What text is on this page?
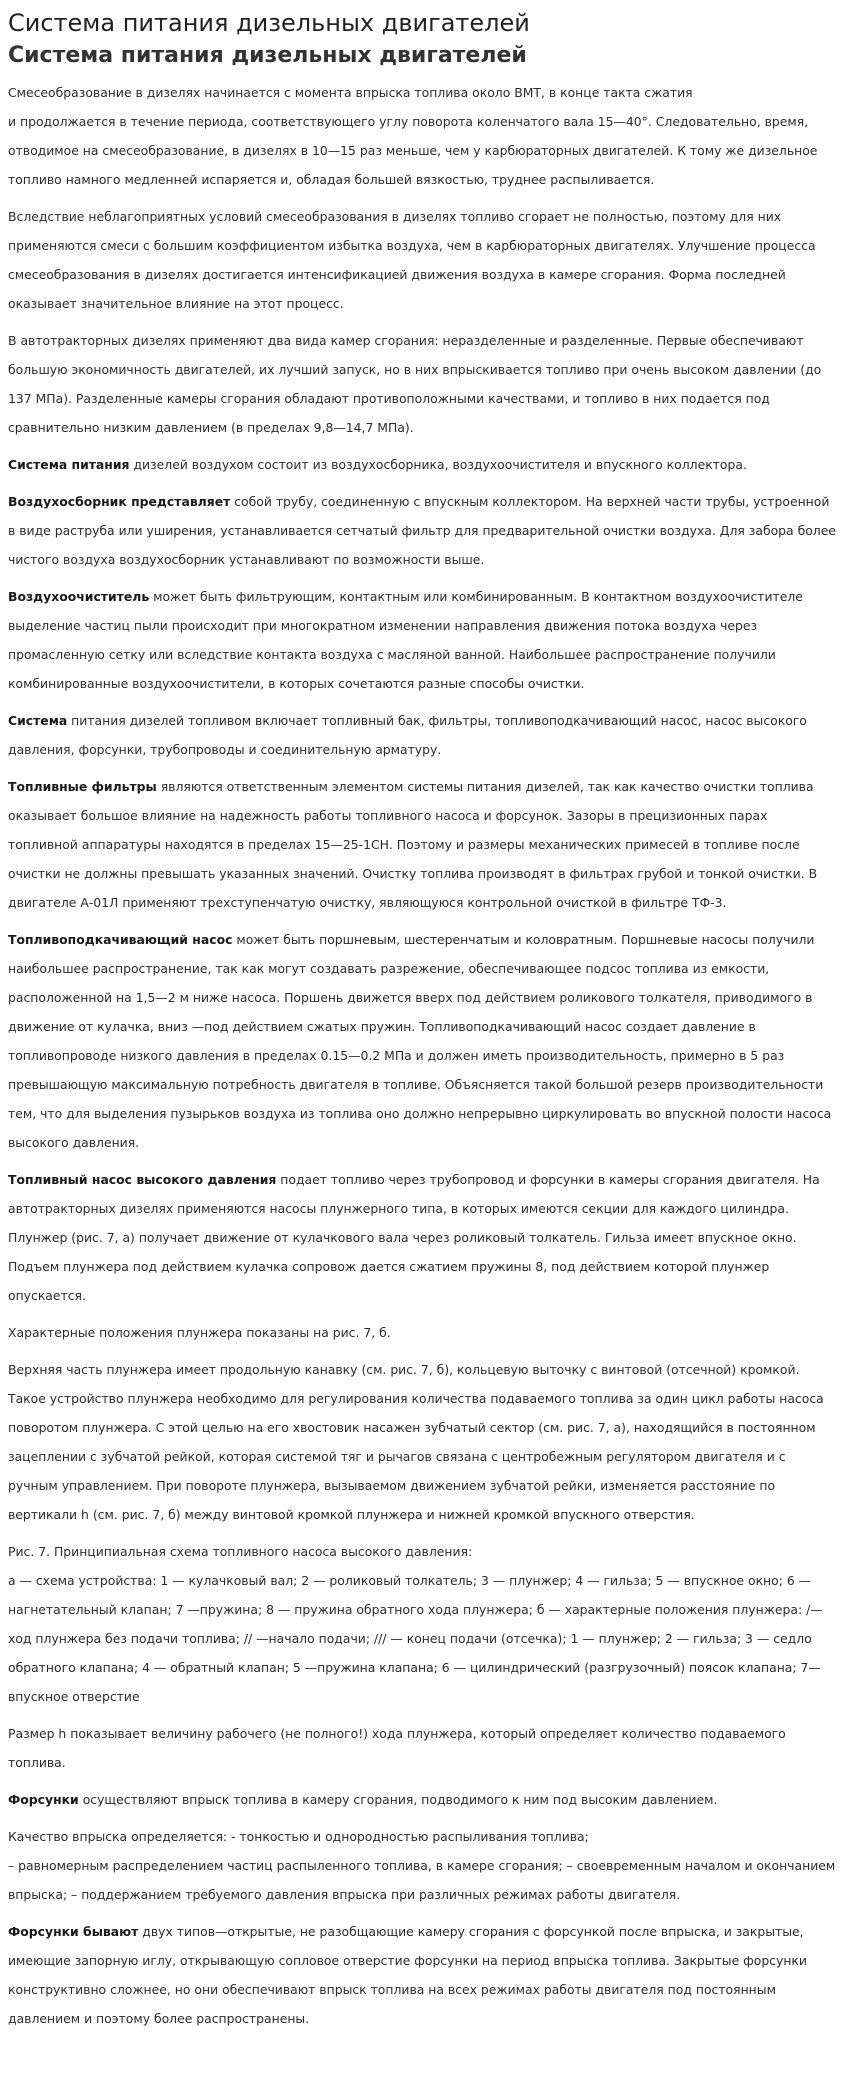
Система питания дизельных двигателей
Система питания дизельных двигателей

Смесеобразование в дизелях начинается с момента впрыска топлива около ВМТ, в конце такта сжатия
и продолжается в течение периода, соответствующего углу поворота коленчатого вала 15—40°. Следовательно, время, отводимое на смесеобразование, в дизелях в 10—15 раз меньше, чем у карбюраторных двигателей. К тому же дизельное топливо намного медленней испаряется и, обладая большей вязкостью, труднее распыливается.

Вследствие неблагоприятных условий смесеобразования в дизелях топливо сгорает не полностью, поэтому для них применяются смеси с большим коэффициентом избытка воздуха, чем в карбюраторных двигателях. Улучшение процесса смесеобразования в дизелях достигается интенсификацией движения воздуха в камере сгорания. Форма последней оказывает значительное влияние на этот процесс.

В автотракторных дизелях применяют два вида камер сгорания: неразделенные и разделенные. Первые обеспечивают большую экономичность двигателей, их лучший запуск, но в них впрыскивается топливо при очень высоком давлении (до 137 МПа). Разделенные камеры сгорания обладают противоположными качествами, и топливо в них подается под сравнительно низким давлением (в пределах 9,8—14,7 МПа).

Система питания дизелей воздухом состоит из воздухосборника, воздухоочистителя и впускного коллектора.

Воздухосборник представляет собой трубу, соединенную с впускным коллектором. На верхней части трубы, устроенной в виде раструба или уширения, устанавливается сетчатый фильтр для предварительной очистки воздуха. Для забора более чистого воздуха воздухосборник устанавливают по возможности выше.

Воздухоочиститель может быть фильтрующим, контактным или комбинированным. В контактном воздухоочистителе выделение частиц пыли происходит при многократном изменении направления движения потока воздуха через промасленную сетку или вследствие контакта воздуха с масляной ванной. Наибольшее распространение получили комбинированные воздухоочистители, в которых сочетаются разные способы очистки.

Система питания дизелей топливом включает топливный бак, фильтры, топливоподкачивающий насос, насос высокого давления, форсунки, трубопроводы и соединительную арматуру.

Топливные фильтры являются ответственным элементом системы питания дизелей, так как качество очистки топлива оказывает большое влияние на надежность работы топливного насоса и форсунок. Зазоры в прецизионных парах топливной аппаратуры находятся в пределах 15—25-1СН. Поэтому и размеры механических примесей в топливе после очистки не должны превышать указанных значений. Очистку топлива производят в фильтрах грубой и тонкой очистки. В двигателе А-01Л применяют трехступенчатую очистку, являющуюся контрольной очисткой в фильтре ТФ-3.

Топливоподкачивающий насос может быть поршневым, шестеренчатым и коловратным. Поршневые насосы получили наибольшее распространение, так как могут создавать разрежение, обеспечивающее подсос топлива из емкости, расположенной на 1,5—2 м ниже насоса. Поршень движется вверх под действием роликового толкателя, приводимого в движение от кулачка, вниз —под действием сжатых пружин. Топливоподкачивающий насос создает давление в топливопроводе низкого давления в пределах 0.15—0.2 МПа и должен иметь производительность, примерно в 5 раз превышающую максимальную потребность двигателя в топливе. Объясняется такой большой резерв производительности тем, что для выделения пузырьков воздуха из топлива оно должно непрерывно циркулировать во впускной полости насоса высокого давления.

Топливный насос высокого давления подает топливо через трубопровод и форсунки в камеры сгорания двигателя. На автотракторных дизелях применяются насосы плунжерного типа, в которых имеются секции для каждого цилиндра. Плунжер (рис. 7, а) получает движение от кулачкового вала через роликовый толкатель. Гильза имеет впускное окно. Подъем плунжера под действием кулачка сопровож дается сжатием пружины 8, под действием которой плунжер опускается.

Характерные положения плунжера показаны на рис. 7, б.

Верхняя часть плунжера имеет продольную канавку (см. рис. 7, б), кольцевую выточку с винтовой (отсечной) кромкой. Такое устройство плунжера необходимо для регулирования количества подаваемого топлива за один цикл работы насоса поворотом плунжера. С этой целью на его хвостовик насажен зубчатый сектор (см. рис. 7, а), находящийся в постоянном зацеплении с зубчатой рейкой, которая системой тяг и рычагов связана с центробежным регулятором двигателя и с ручным управлением. При повороте плунжера, вызываемом движением зубчатой рейки, изменяется расстояние по вертикали h (см. рис. 7, б) между винтовой кромкой плунжера и нижней кромкой впускного отверстия.

Рис. 7. Принципиальная схема топливного насоса высокого давления:
а — схема устройства: 1 — кулачковый вал; 2 — роликовый толкатель; 3 — плунжер; 4 — гильза; 5 — впускное окно; 6 — нагнетательный клапан; 7 —пружина; 8 — пружина обратного хода плунжера; б — характерные положения плунжера: /— ход плунжера без подачи топлива; // —начало подачи; /// — конец подачи (отсечка); 1 — плунжер; 2 — гильза; 3 — седло обратного клапана; 4 — обратный клапан; 5 —пружина клапана; 6 — цилиндрический (разгрузочный) поясок клапана; 7— впускное отверстие

Размер h показывает величину рабочего (не полного!) хода плунжера, который определяет количество подаваемого топлива.

Форсунки осуществляют впрыск топлива в камеру сгорания, подводимого к ним под высоким давлением.

Качество впрыска определяется: - тонкостью и однородностью распыливания топлива;
– равномерным распределением частиц распыленного топлива, в камере сгорания; – своевременным началом и окончанием впрыска; – поддержанием требуемого давления впрыска при различных режимах работы двигателя.

Форсунки бывают двух типов—открытые, не разобщающие камеру сгорания с форсункой после впрыска, и закрытые, имеющие запорную иглу, открывающую сопловое отверстие форсунки на период впрыска топлива. Закрытые форсунки конструктивно сложнее, но они обеспечивают впрыск топлива на всех режимах работы двигателя под постоянным давлением и поэтому более распространены.
